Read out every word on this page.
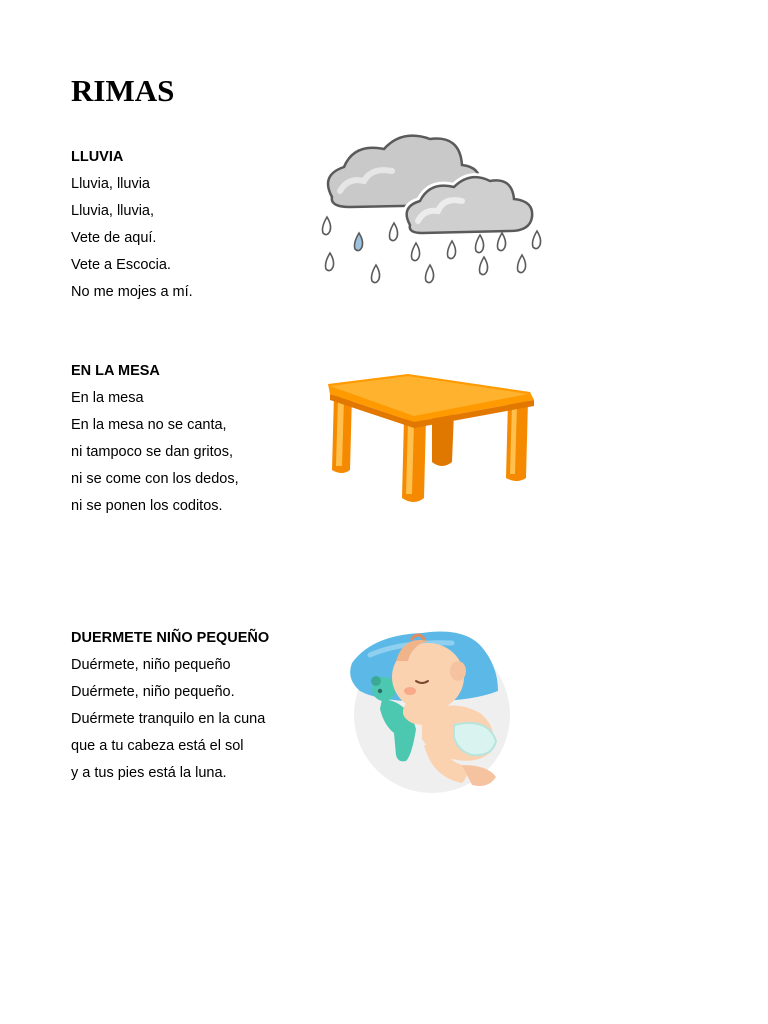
RIMAS
LLUVIA
Lluvia, lluvia
Lluvia, lluvia,
Vete de aquí.
Vete a Escocia.
No me mojes a mí.
EN LA MESA
En la mesa
En la mesa no se canta,
ni tampoco se dan gritos,
ni se come con los dedos,
ni se ponen los coditos.
DUERMETE NIÑO PEQUEÑO
Duérmete, niño pequeño
Duérmete, niño pequeño.
Duérmete tranquilo en la cuna
que a tu cabeza está el sol
y a tus pies está la luna.
